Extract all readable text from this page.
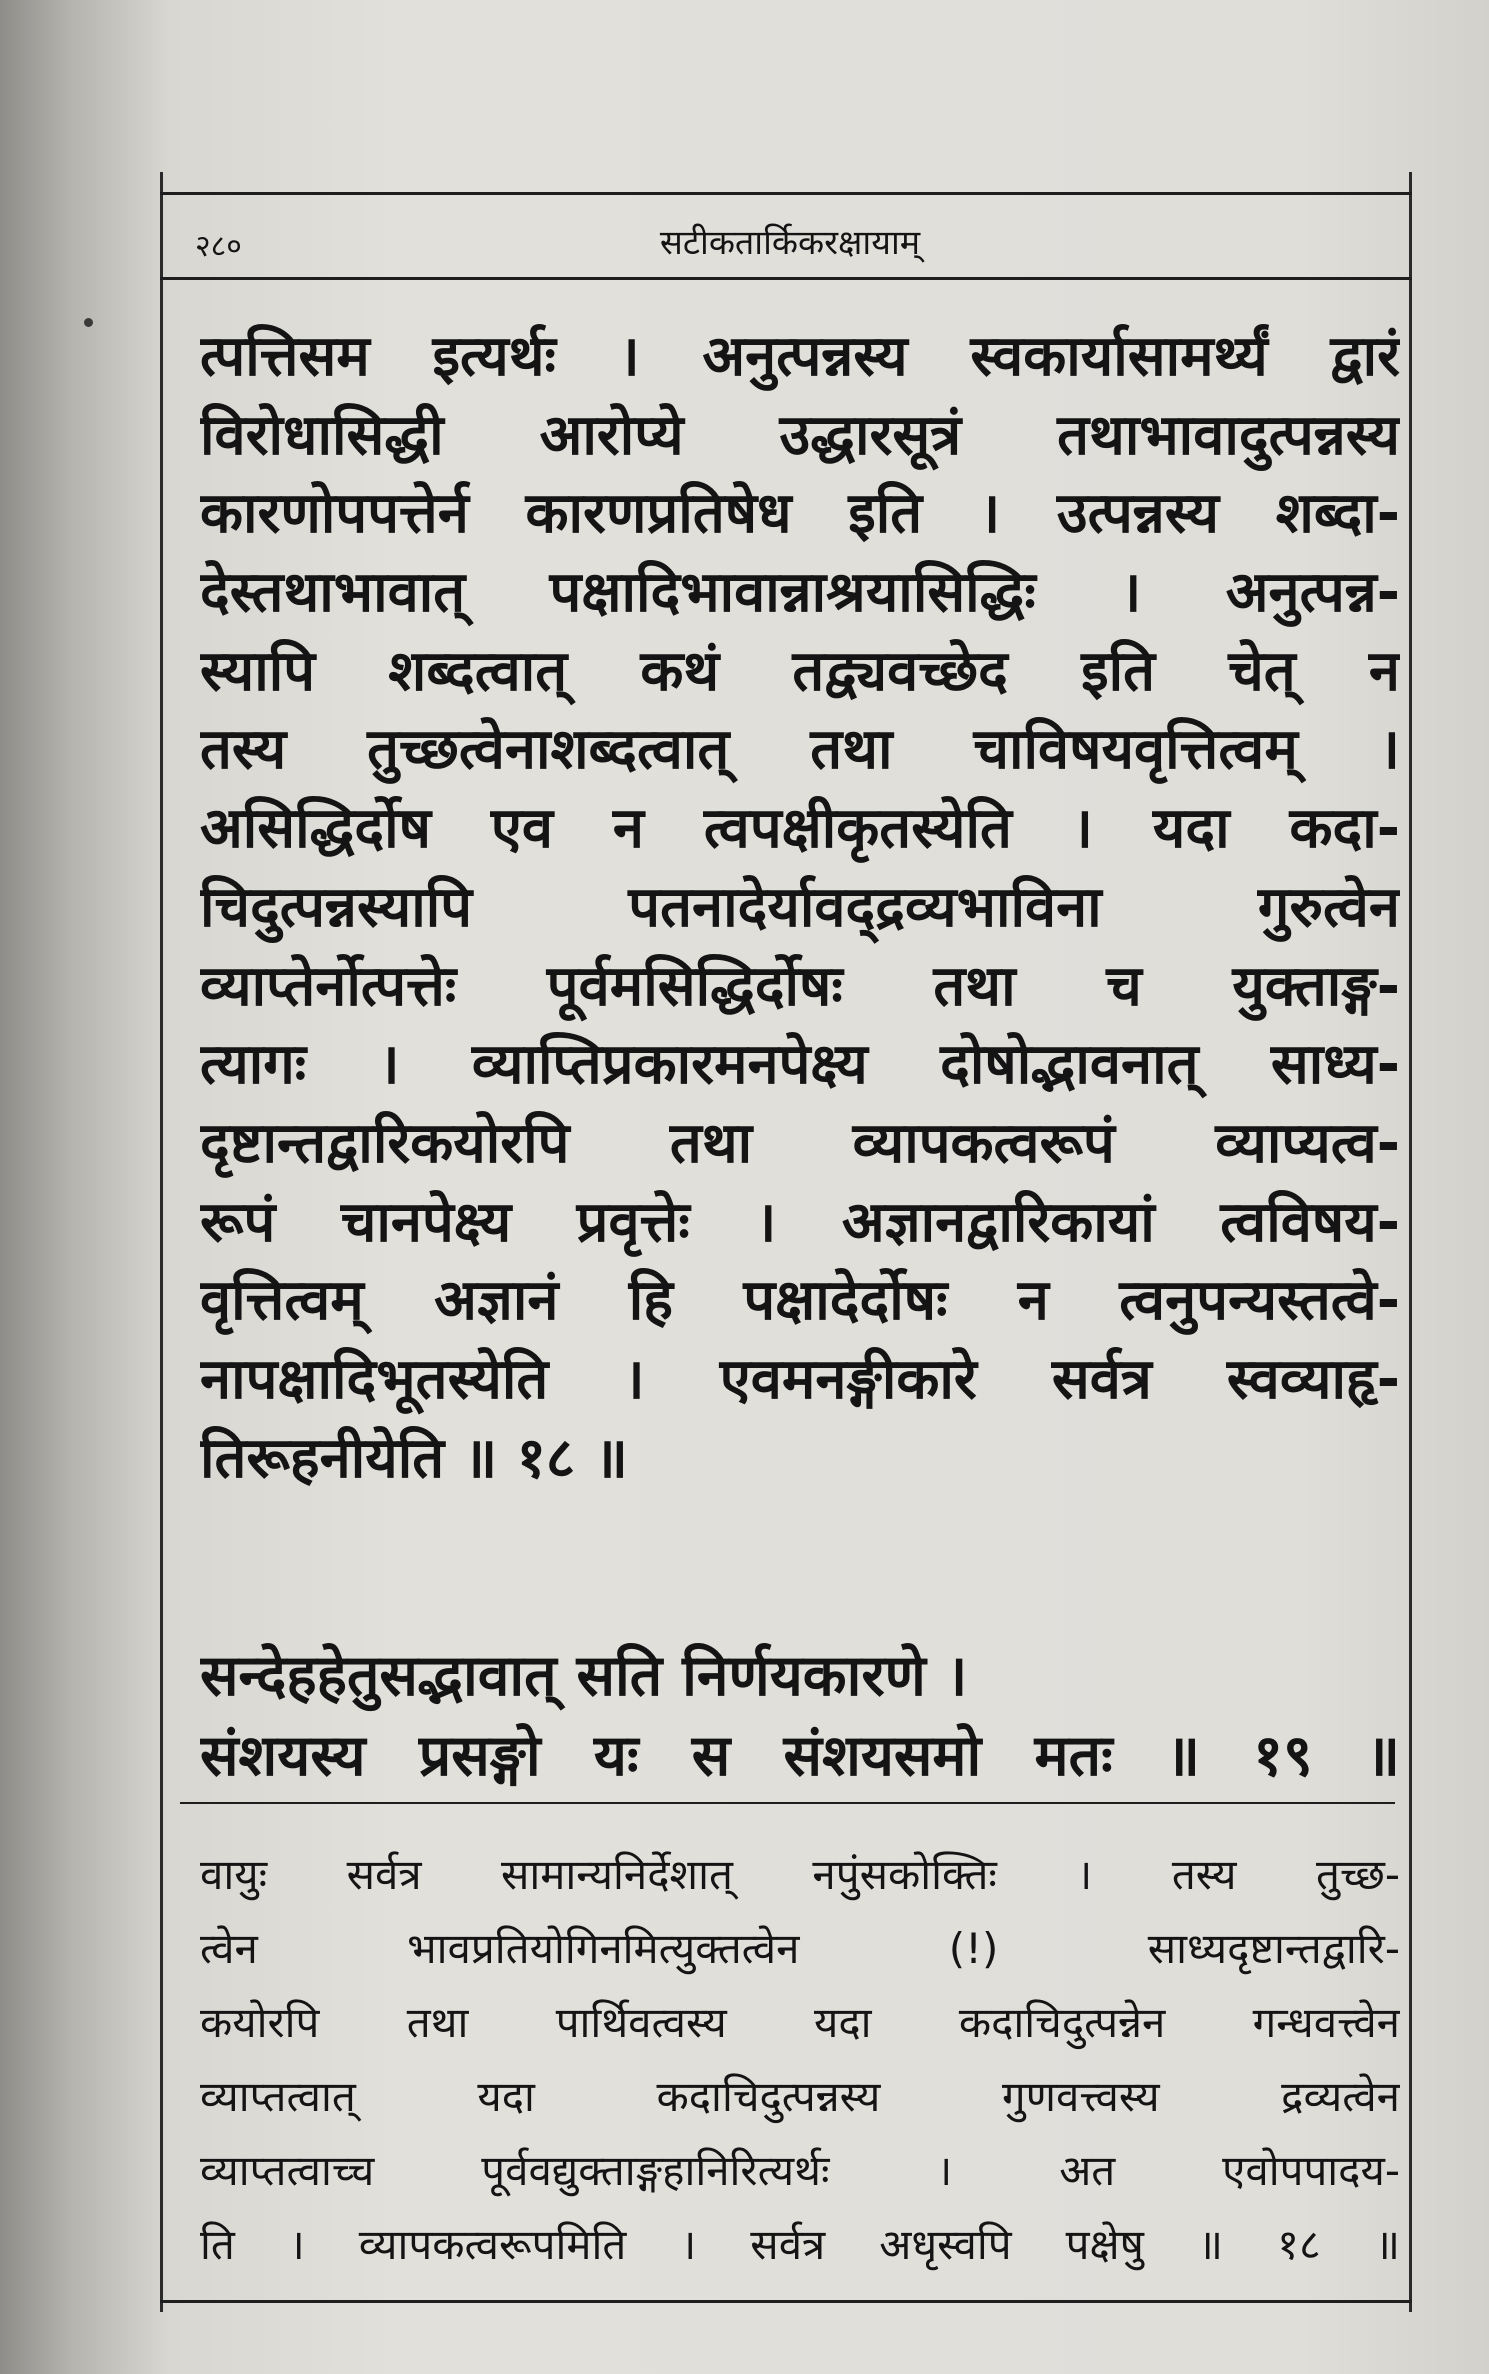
२८०	सटीकतार्किकरक्षायाम्
त्पत्तिसम इत्यर्थः । अनुत्पन्नस्य स्वकार्यासामर्थ्यं द्वारं
विरोधासिद्धी आरोप्ये उद्धारसूत्रं तथाभावादुत्पन्नस्य
कारणोपपत्तेर्न कारणप्रतिषेध इति । उत्पन्नस्य शब्दा-
देस्तथाभावात् पक्षादिभावान्नाश्रयासिद्धिः । अनुत्पन्न-
स्यापि शब्दत्वात् कथं तद्व्यवच्छेद इति चेत् न
तस्य तुच्छत्वेनाशब्दत्वात् तथा चाविषयवृत्तित्वम् ।
असिद्धिर्दोष एव न त्वपक्षीकृतस्येति । यदा कदा-
चिदुत्पन्नस्यापि पतनादेर्यावद्द्रव्यभाविना गुरुत्वेन
व्याप्तेर्नोत्पत्तेः पूर्वमसिद्धिर्दोषः तथा च युक्ताङ्ग-
त्यागः । व्याप्तिप्रकारमनपेक्ष्य दोषोद्भावनात् साध्य-
दृष्टान्तद्वारिकयोरपि तथा व्यापकत्वरूपं व्याप्यत्व-
रूपं चानपेक्ष्य प्रवृत्तेः । अज्ञानद्वारिकायां त्वविषय-
वृत्तित्वम् अज्ञानं हि पक्षादेर्दोषः न त्वनुपन्यस्तत्वे-
नापक्षादिभूतस्येति । एवमनङ्गीकारे सर्वत्र स्वव्याहृ-
तिरूहनीयेति ॥ १८ ॥
सन्देहहेतुसद्भावात् सति निर्णयकारणे ।
संशयस्य प्रसङ्गो यः स संशयसमो मतः ॥ १९ ॥
वायुः सर्वत्र सामान्यनिर्देशात् नपुंसकोक्तिः । तस्य तुच्छ-
त्वेन भावप्रतियोगिनमित्युक्तत्वेन (!) साध्यदृष्टान्तद्वारि-
कयोरपि तथा पार्थिवत्वस्य यदा कदाचिदुत्पन्नेन गन्धवत्त्वेन
व्याप्तत्वात् यदा कदाचिदुत्पन्नस्य गुणवत्त्वस्य द्रव्यत्वेन
व्याप्तत्वाच्च पूर्ववद्युक्ताङ्गहानिरित्यर्थः । अत एवोपपादय-
ति । व्यापकत्वरूपमिति । सर्वत्र अधृस्वपि पक्षेषु ॥ १८ ॥
